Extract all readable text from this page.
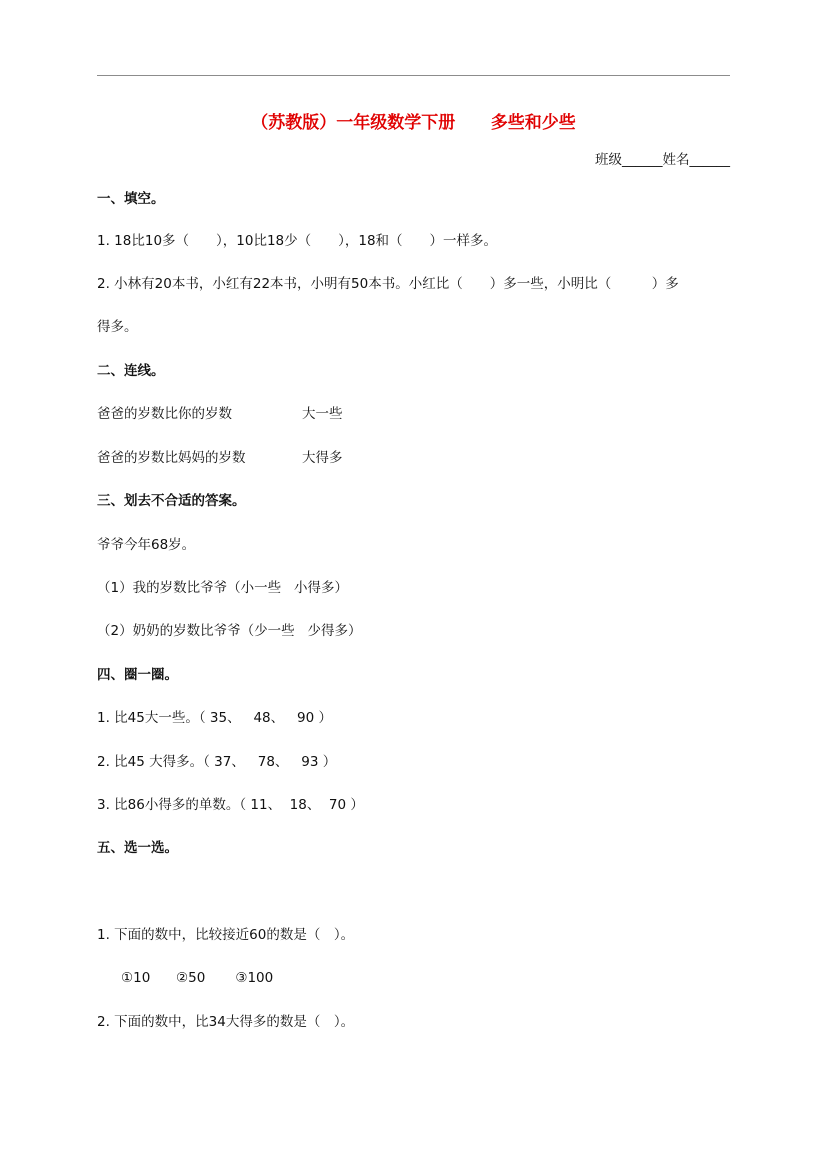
（苏教版）一年级数学下册      多些和少些
班级______姓名______
一、填空。
1. 18比10多（　　），10比18少（　　），18和（　　）一样多。
2. 小林有20本书，小红有22本书，小明有50本书。小红比（　　）多一些，小明比（　　　）多
得多。
二、连线。
爸爸的岁数比你的岁数	大一些
爸爸的岁数比妈妈的岁数	大得多
三、划去不合适的答案。
爷爷今年68岁。
（1）我的岁数比爷爷（小一些   小得多）
（2）奶奶的岁数比爷爷（少一些   少得多）
四、圈一圈。
1. 比45大一些。（ 35、   48、   90 ）
2. 比45 大得多。（ 37、   78、   93 ）
3. 比86小得多的单数。（ 11、  18、  70 ）
五、选一选。
1. 下面的数中，比较接近60的数是（　）。
①10      ②50       ③100
2. 下面的数中，比34大得多的数是（　）。
